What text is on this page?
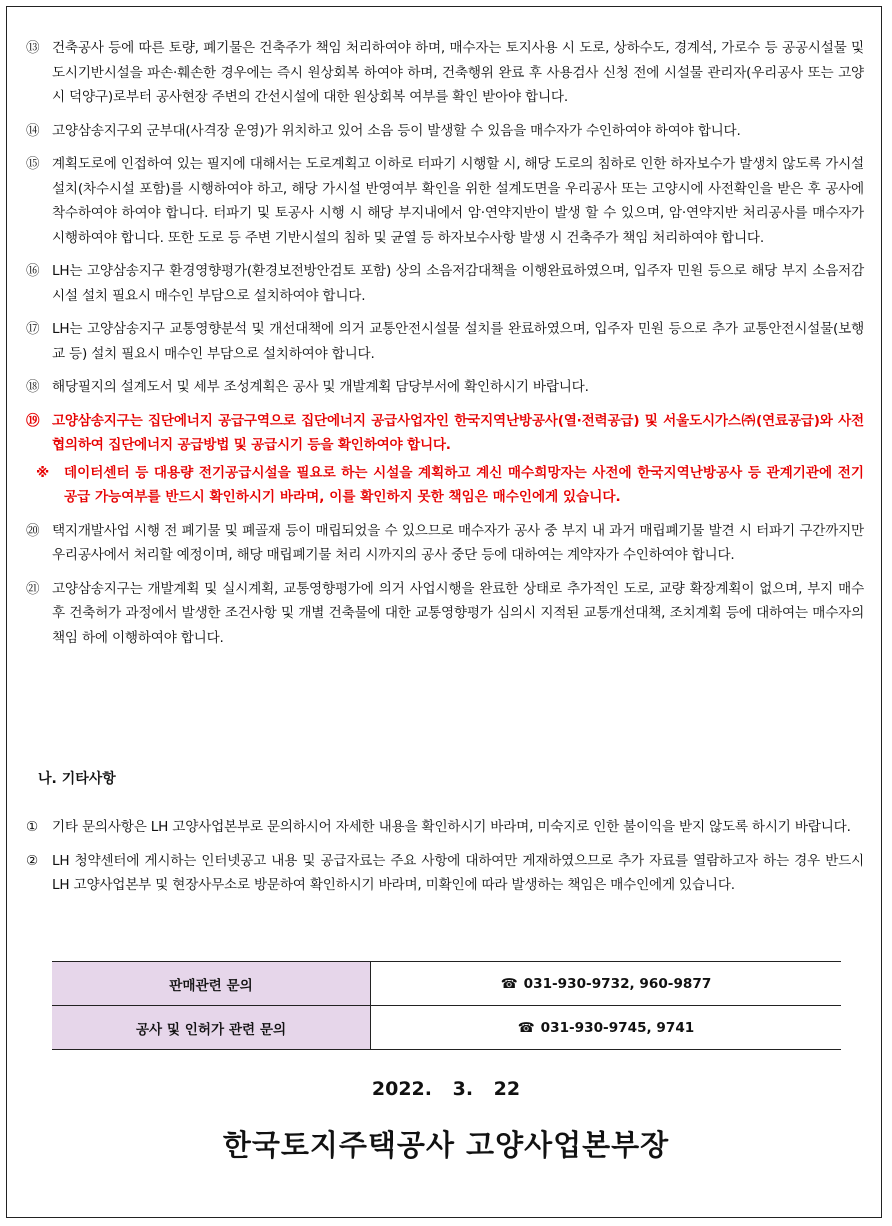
⑬ 건축공사 등에 따른 토량, 폐기물은 건축주가 책임 처리하여야 하며, 매수자는 토지사용 시 도로, 상하수도, 경계석, 가로수 등 공공시설물 및 도시기반시설을 파손·훼손한 경우에는 즉시 원상회복 하여야 하며, 건축행위 완료 후 사용검사 신청 전에 시설물 관리자(우리공사 또는 고양시 덕양구)로부터 공사현장 주변의 간선시설에 대한 원상회복 여부를 확인 받아야 합니다.
⑭ 고양삼송지구외 군부대(사격장 운영)가 위치하고 있어 소음 등이 발생할 수 있음을 매수자가 수인하여야 하여야 합니다.
⑮ 계획도로에 인접하여 있는 필지에 대해서는 도로계획고 이하로 터파기 시행할 시, 해당 도로의 침하로 인한 하자보수가 발생치 않도록 가시설 설치(차수시설 포함)를 시행하여야 하고, 해당 가시설 반영여부 확인을 위한 설계도면을 우리공사 또는 고양시에 사전확인을 받은 후 공사에 착수하여야 하여야 합니다. 터파기 및 토공사 시행 시 해당 부지내에서 암·연약지반이 발생 할 수 있으며, 암·연약지반 처리공사를 매수자가 시행하여야 합니다. 또한 도로 등 주변 기반시설의 침하 및 균열 등 하자보수사항 발생 시 건축주가 책임 처리하여야 합니다.
⑯ LH는 고양삼송지구 환경영향평가(환경보전방안검토 포함) 상의 소음저감대책을 이행완료하였으며, 입주자 민원 등으로 해당 부지 소음저감시설 설치 필요시 매수인 부담으로 설치하여야 합니다.
⑰ LH는 고양삼송지구 교통영향분석 및 개선대책에 의거 교통안전시설물 설치를 완료하였으며, 입주자 민원 등으로 추가 교통안전시설물(보행교 등) 설치 필요시 매수인 부담으로 설치하여야 합니다.
⑱ 해당필지의 설계도서 및 세부 조성계획은 공사 및 개발계획 담당부서에 확인하시기 바랍니다.
⑲ 고양삼송지구는 집단에너지 공급구역으로 집단에너지 공급사업자인 한국지역난방공사(열·전력공급) 및 서울도시가스㈜(연료공급)와 사전협의하여 집단에너지 공급방법 및 공급시기 등을 확인하여야 합니다.
※	데이터센터 등 대용량 전기공급시설을 필요로 하는 시설을 계획하고 계신 매수희망자는 사전에 한국지역난방공사 등 관계기관에 전기 공급 가능여부를 반드시 확인하시기 바라며, 이를 확인하지 못한 책임은 매수인에게 있습니다.
⑳ 택지개발사업 시행 전 폐기물 및 폐골재 등이 매립되었을 수 있으므로 매수자가 공사 중 부지 내 과거 매립폐기물 발견 시 터파기 구간까지만 우리공사에서 처리할 예정이며, 해당 매립폐기물 처리 시까지의 공사 중단 등에 대하여는 계약자가 수인하여야 합니다.
㉑ 고양삼송지구는 개발계획 및 실시계획, 교통영향평가에 의거 사업시행을 완료한 상태로 추가적인 도로, 교량 확장계획이 없으며, 부지 매수 후 건축허가 과정에서 발생한 조건사항 및 개별 건축물에 대한 교통영향평가 심의시 지적된 교통개선대책, 조치계획 등에 대하여는 매수자의 책임 하에 이행하여야 합니다.
나. 기타사항
①	기타 문의사항은 LH 고양사업본부로 문의하시어 자세한 내용을 확인하시기 바라며, 미숙지로 인한 불이익을 받지 않도록 하시기 바랍니다.
②	LH 청약센터에 게시하는 인터넷공고 내용 및 공급자료는 주요 사항에 대하여만 게재하였으므로 추가 자료를 열람하고자 하는 경우 반드시 LH 고양사업본부 및 현장사무소로 방문하여 확인하시기 바라며, 미확인에 따라 발생하는 책임은 매수인에게 있습니다.
판매관련 문의	☎ 031-930-9732, 960-9877
공사 및 인허가 관련 문의	☎ 031-930-9745, 9741
2022. 3. 22
한국토지주택공사 고양사업본부장
